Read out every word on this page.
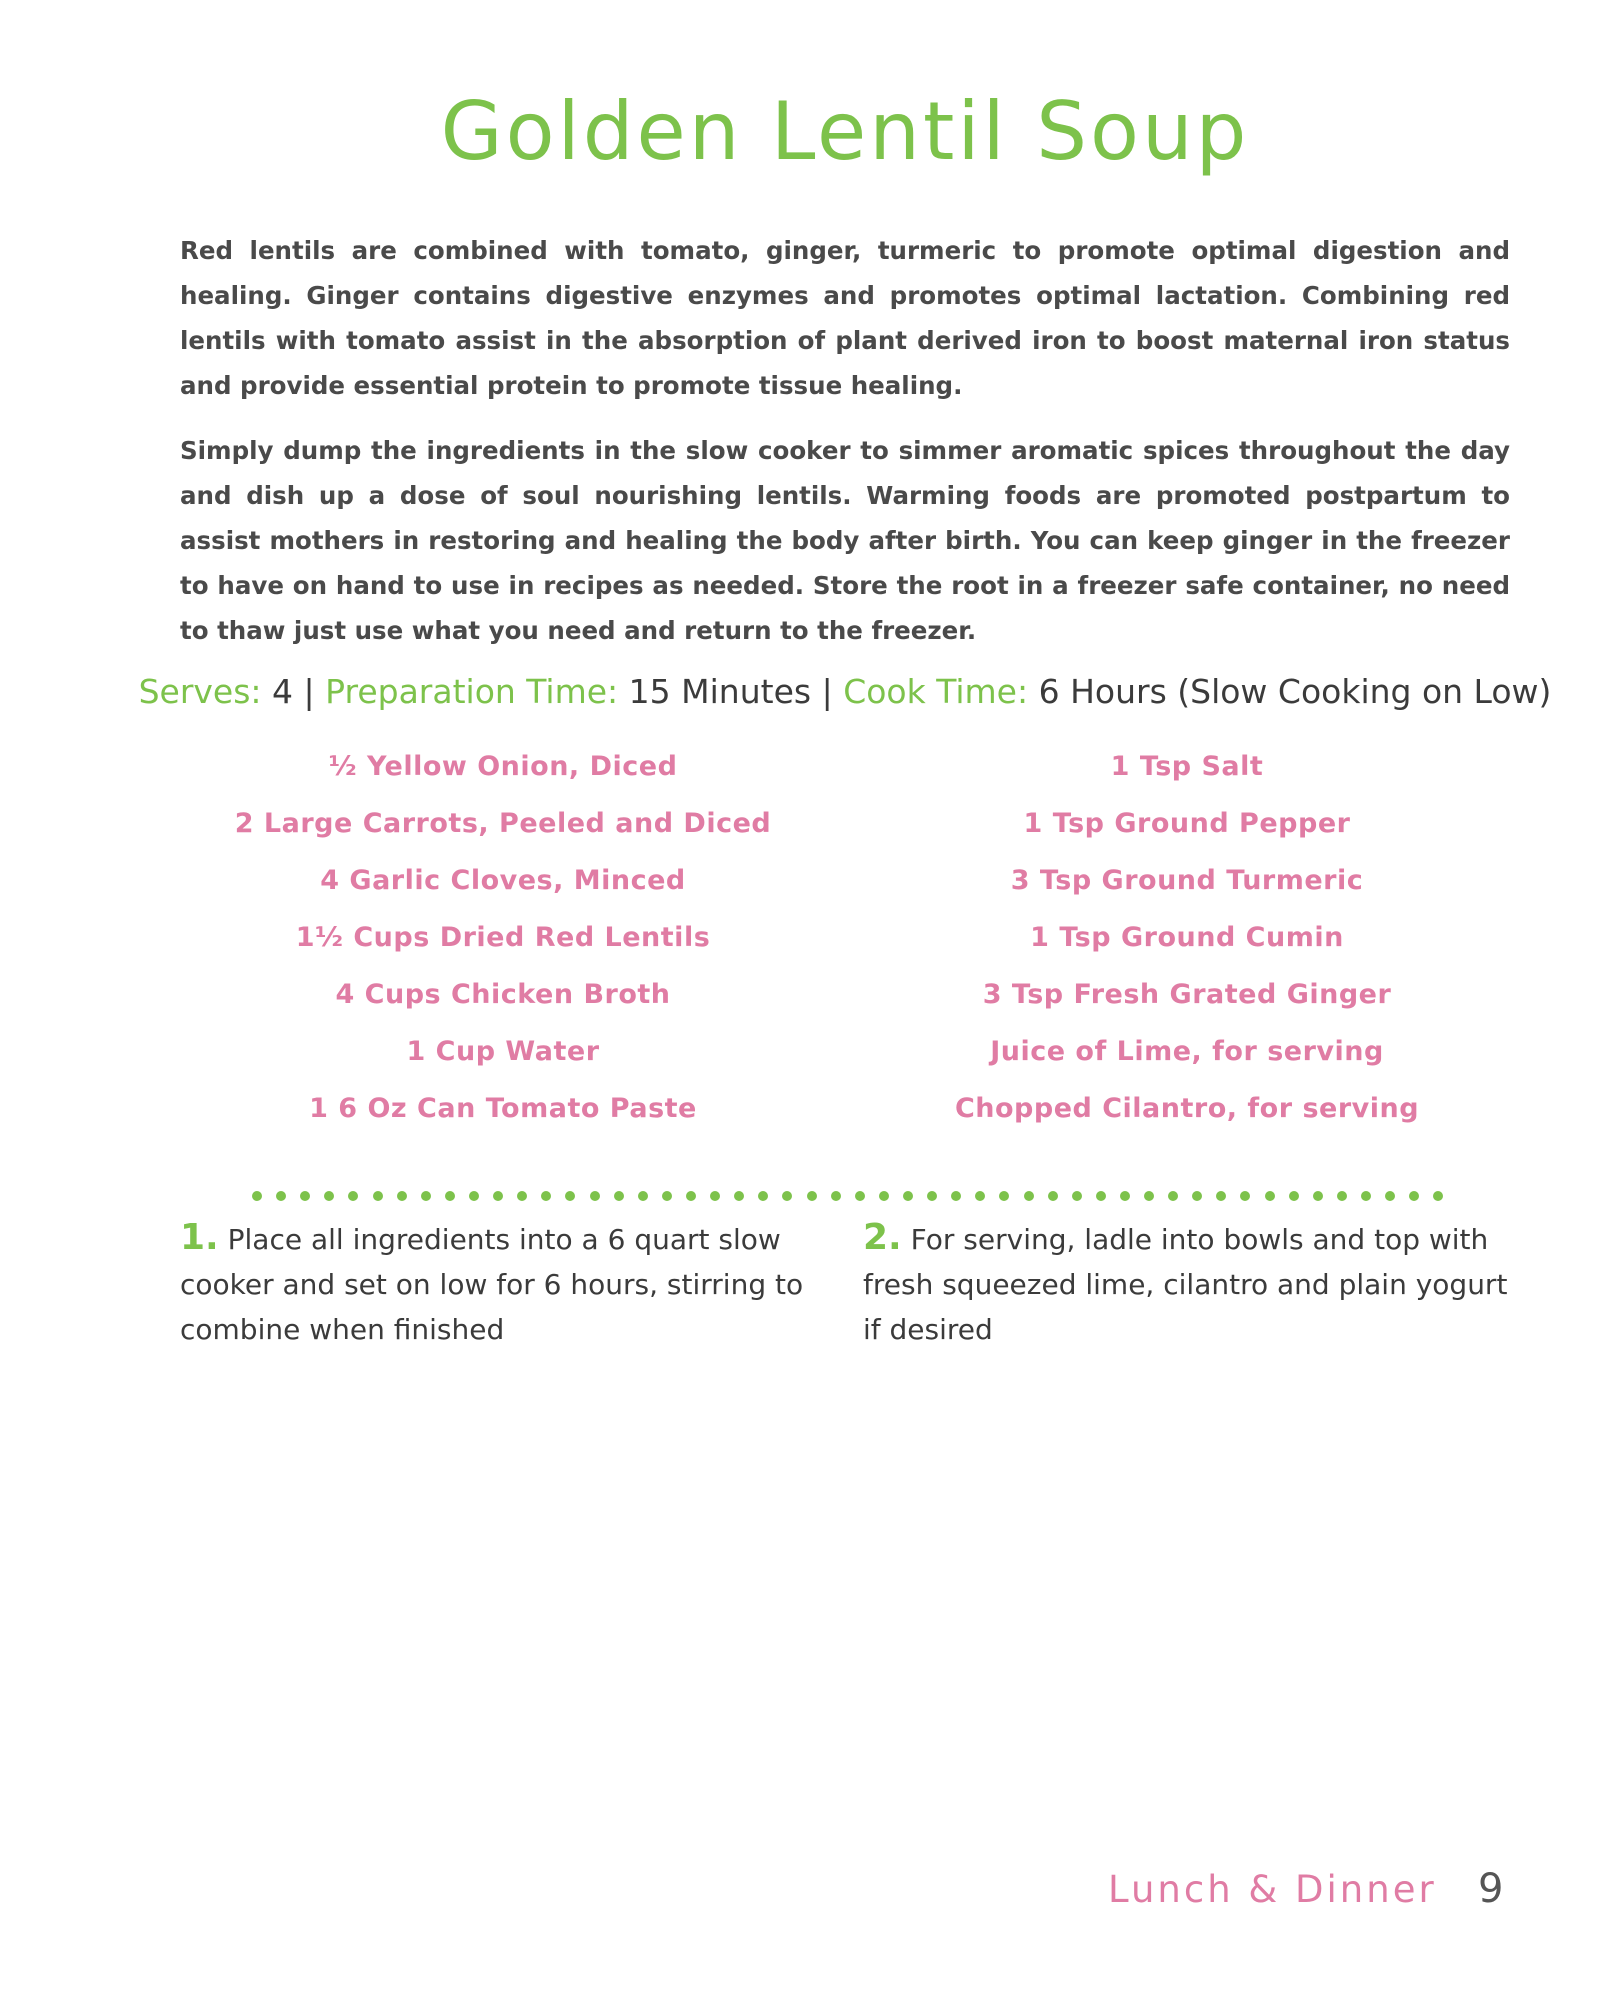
Golden Lentil Soup

Red lentils are combined with tomato, ginger, turmeric to promote optimal digestion and healing. Ginger contains digestive enzymes and promotes optimal lactation. Combining red lentils with tomato assist in the absorption of plant derived iron to boost maternal iron status and provide essential protein to promote tissue healing.

Simply dump the ingredients in the slow cooker to simmer aromatic spices throughout the day and dish up a dose of soul nourishing lentils. Warming foods are promoted postpartum to assist mothers in restoring and healing the body after birth. You can keep ginger in the freezer to have on hand to use in recipes as needed. Store the root in a freezer safe container, no need to thaw just use what you need and return to the freezer.

Serves: 4 | Preparation Time: 15 Minutes | Cook Time: 6 Hours (Slow Cooking on Low)
½ Yellow Onion, Diced
2 Large Carrots, Peeled and Diced
4 Garlic Cloves, Minced
1½ Cups Dried Red Lentils
4 Cups Chicken Broth
1 Cup Water
1 6 Oz Can Tomato Paste
1 Tsp Salt
1 Tsp Ground Pepper
3 Tsp Ground Turmeric
1 Tsp Ground Cumin
3 Tsp Fresh Grated Ginger
Juice of Lime, for serving
Chopped Cilantro, for serving
1. Place all ingredients into a 6 quart slow cooker and set on low for 6 hours, stirring to combine when finished
2. For serving, ladle into bowls and top with fresh squeezed lime, cilantro and plain yogurt if desired
Lunch & Dinner 9
